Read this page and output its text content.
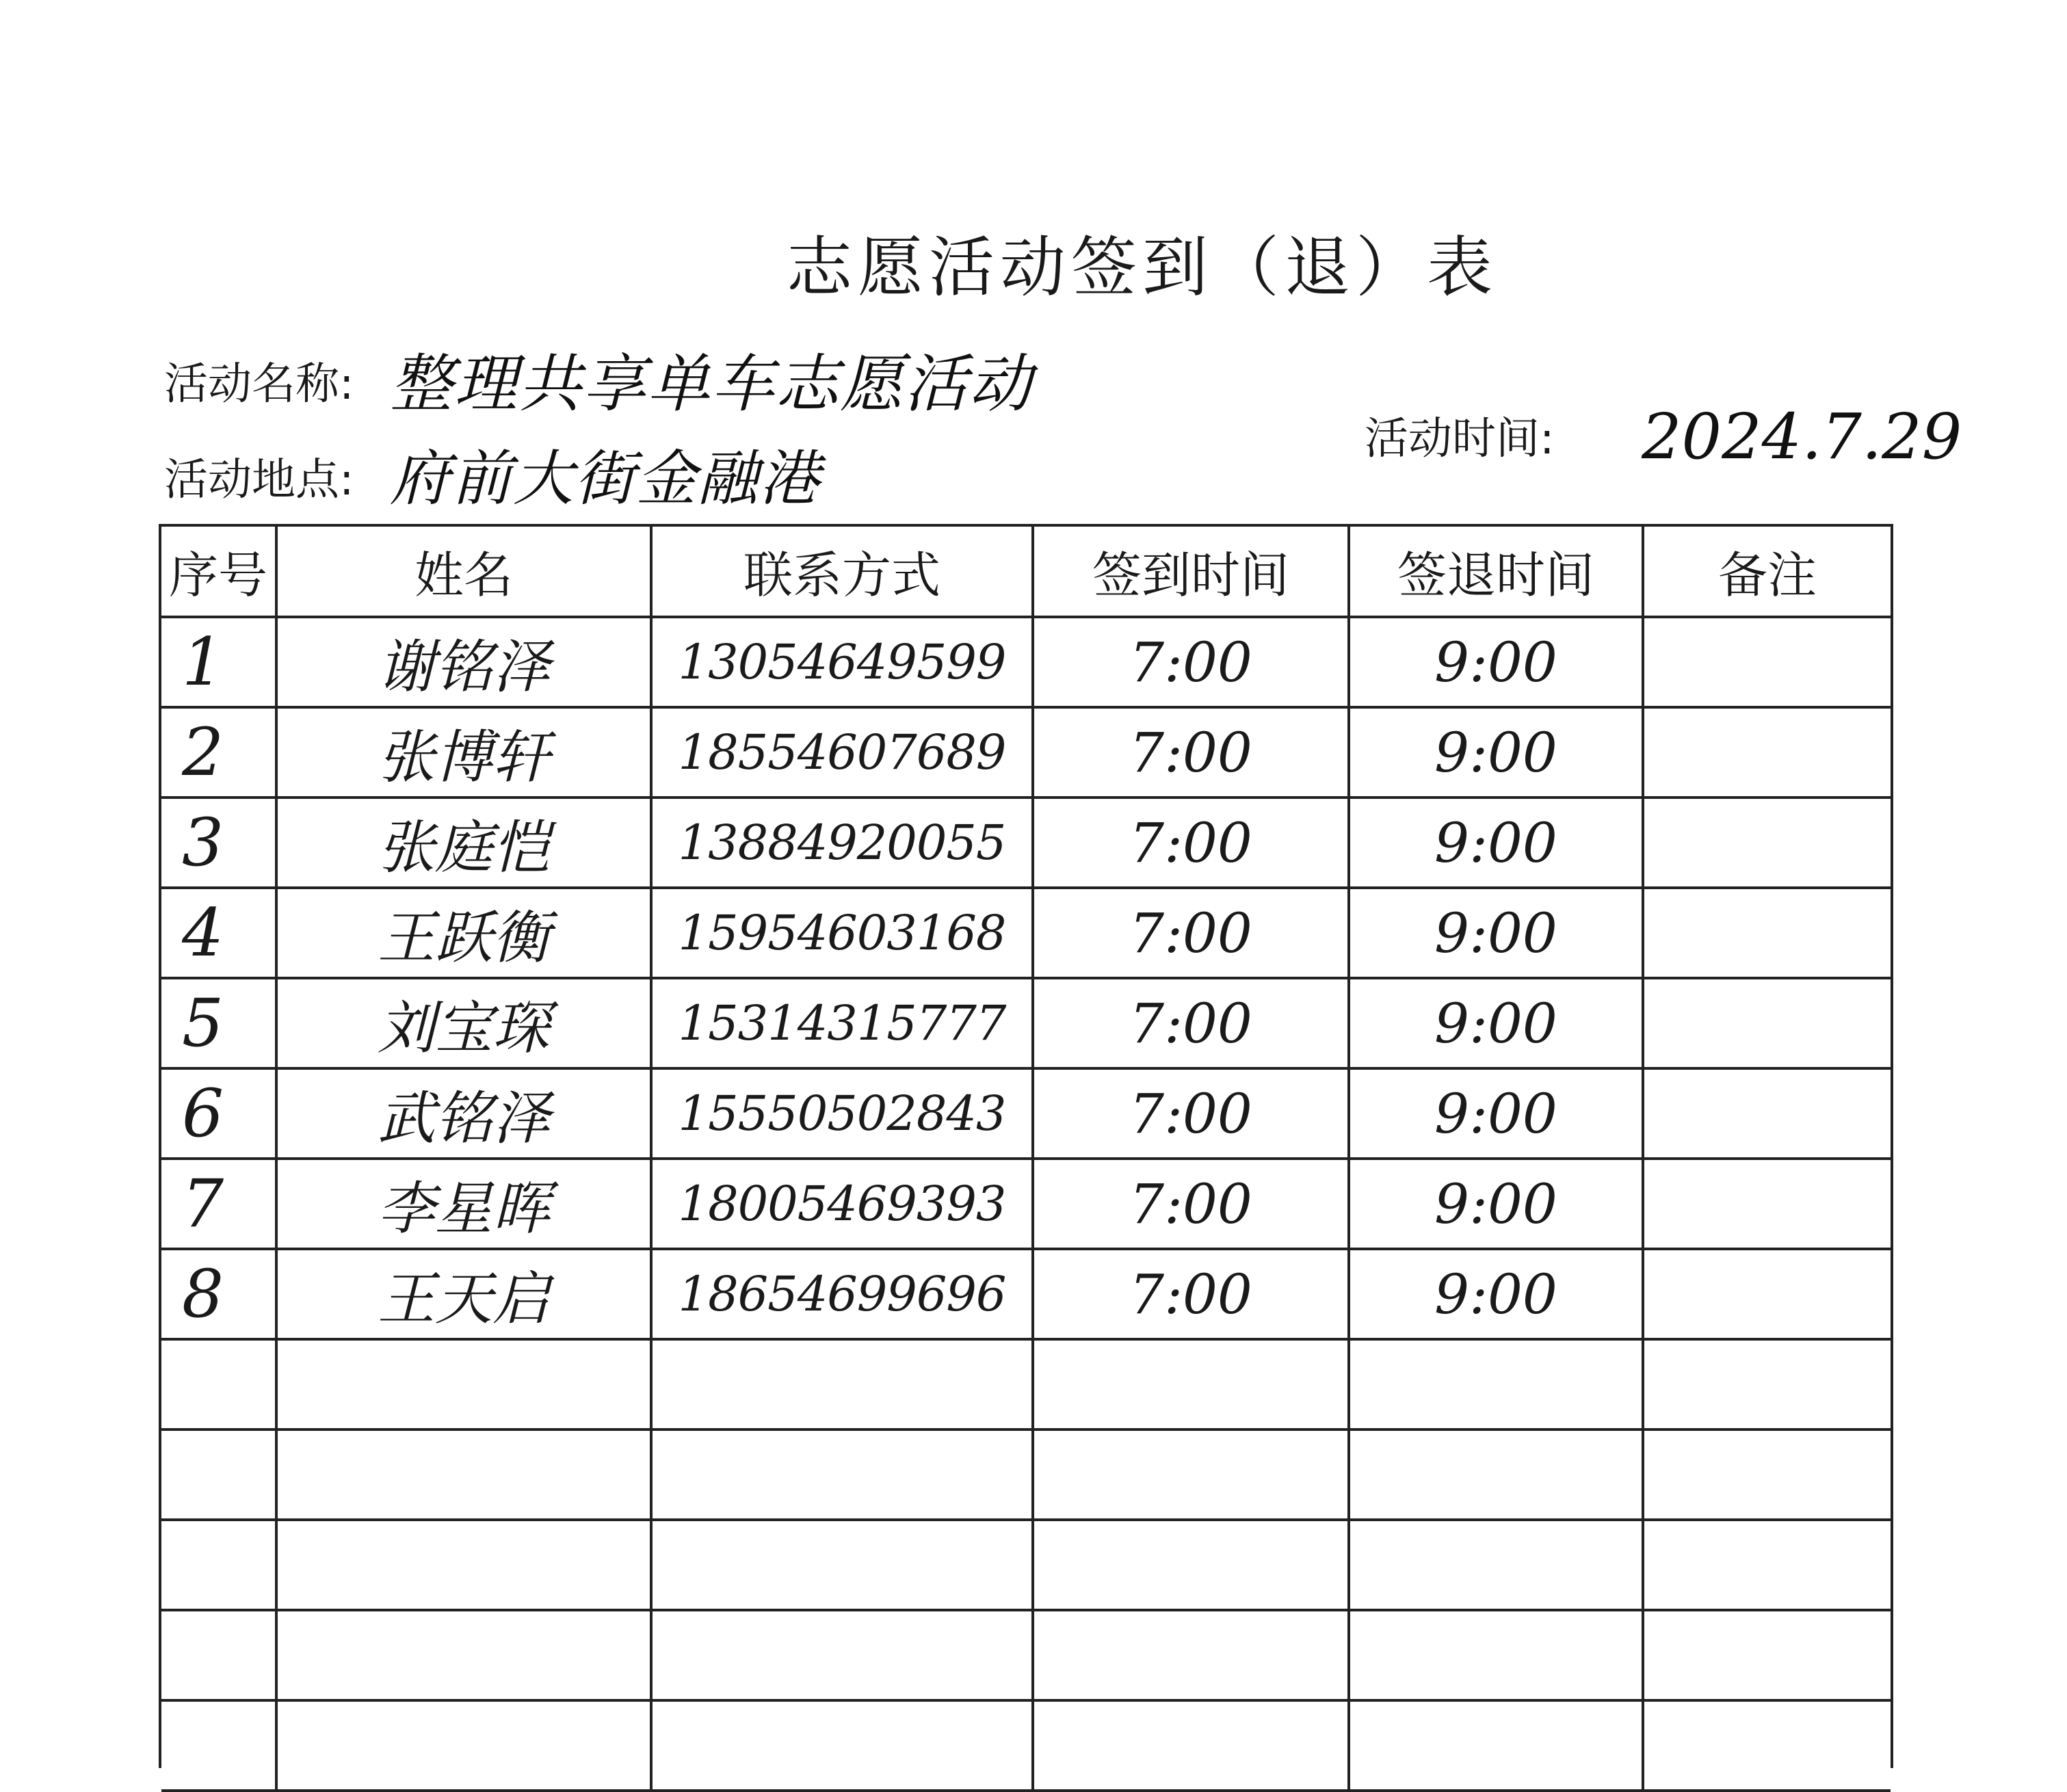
志愿活动签到（退）表
活动名称: 整理共享单车志愿活动
活动地点: 府前大街金融港
活动时间: 2024.7.29
序号	姓名	联系方式	签到时间	签退时间	备注
1	谢铭泽	13054649599	7:00	9:00	
2	张博轩	18554607689	7:00	9:00	
3	张庭恺	13884920055	7:00	9:00	
4	王跃衡	15954603168	7:00	9:00	
5	刘宝琛	15314315777	7:00	9:00	
6	武铭泽	15550502843	7:00	9:00	
7	李星晖	18005469393	7:00	9:00	
8	王天启	18654699696	7:00	9:00	
